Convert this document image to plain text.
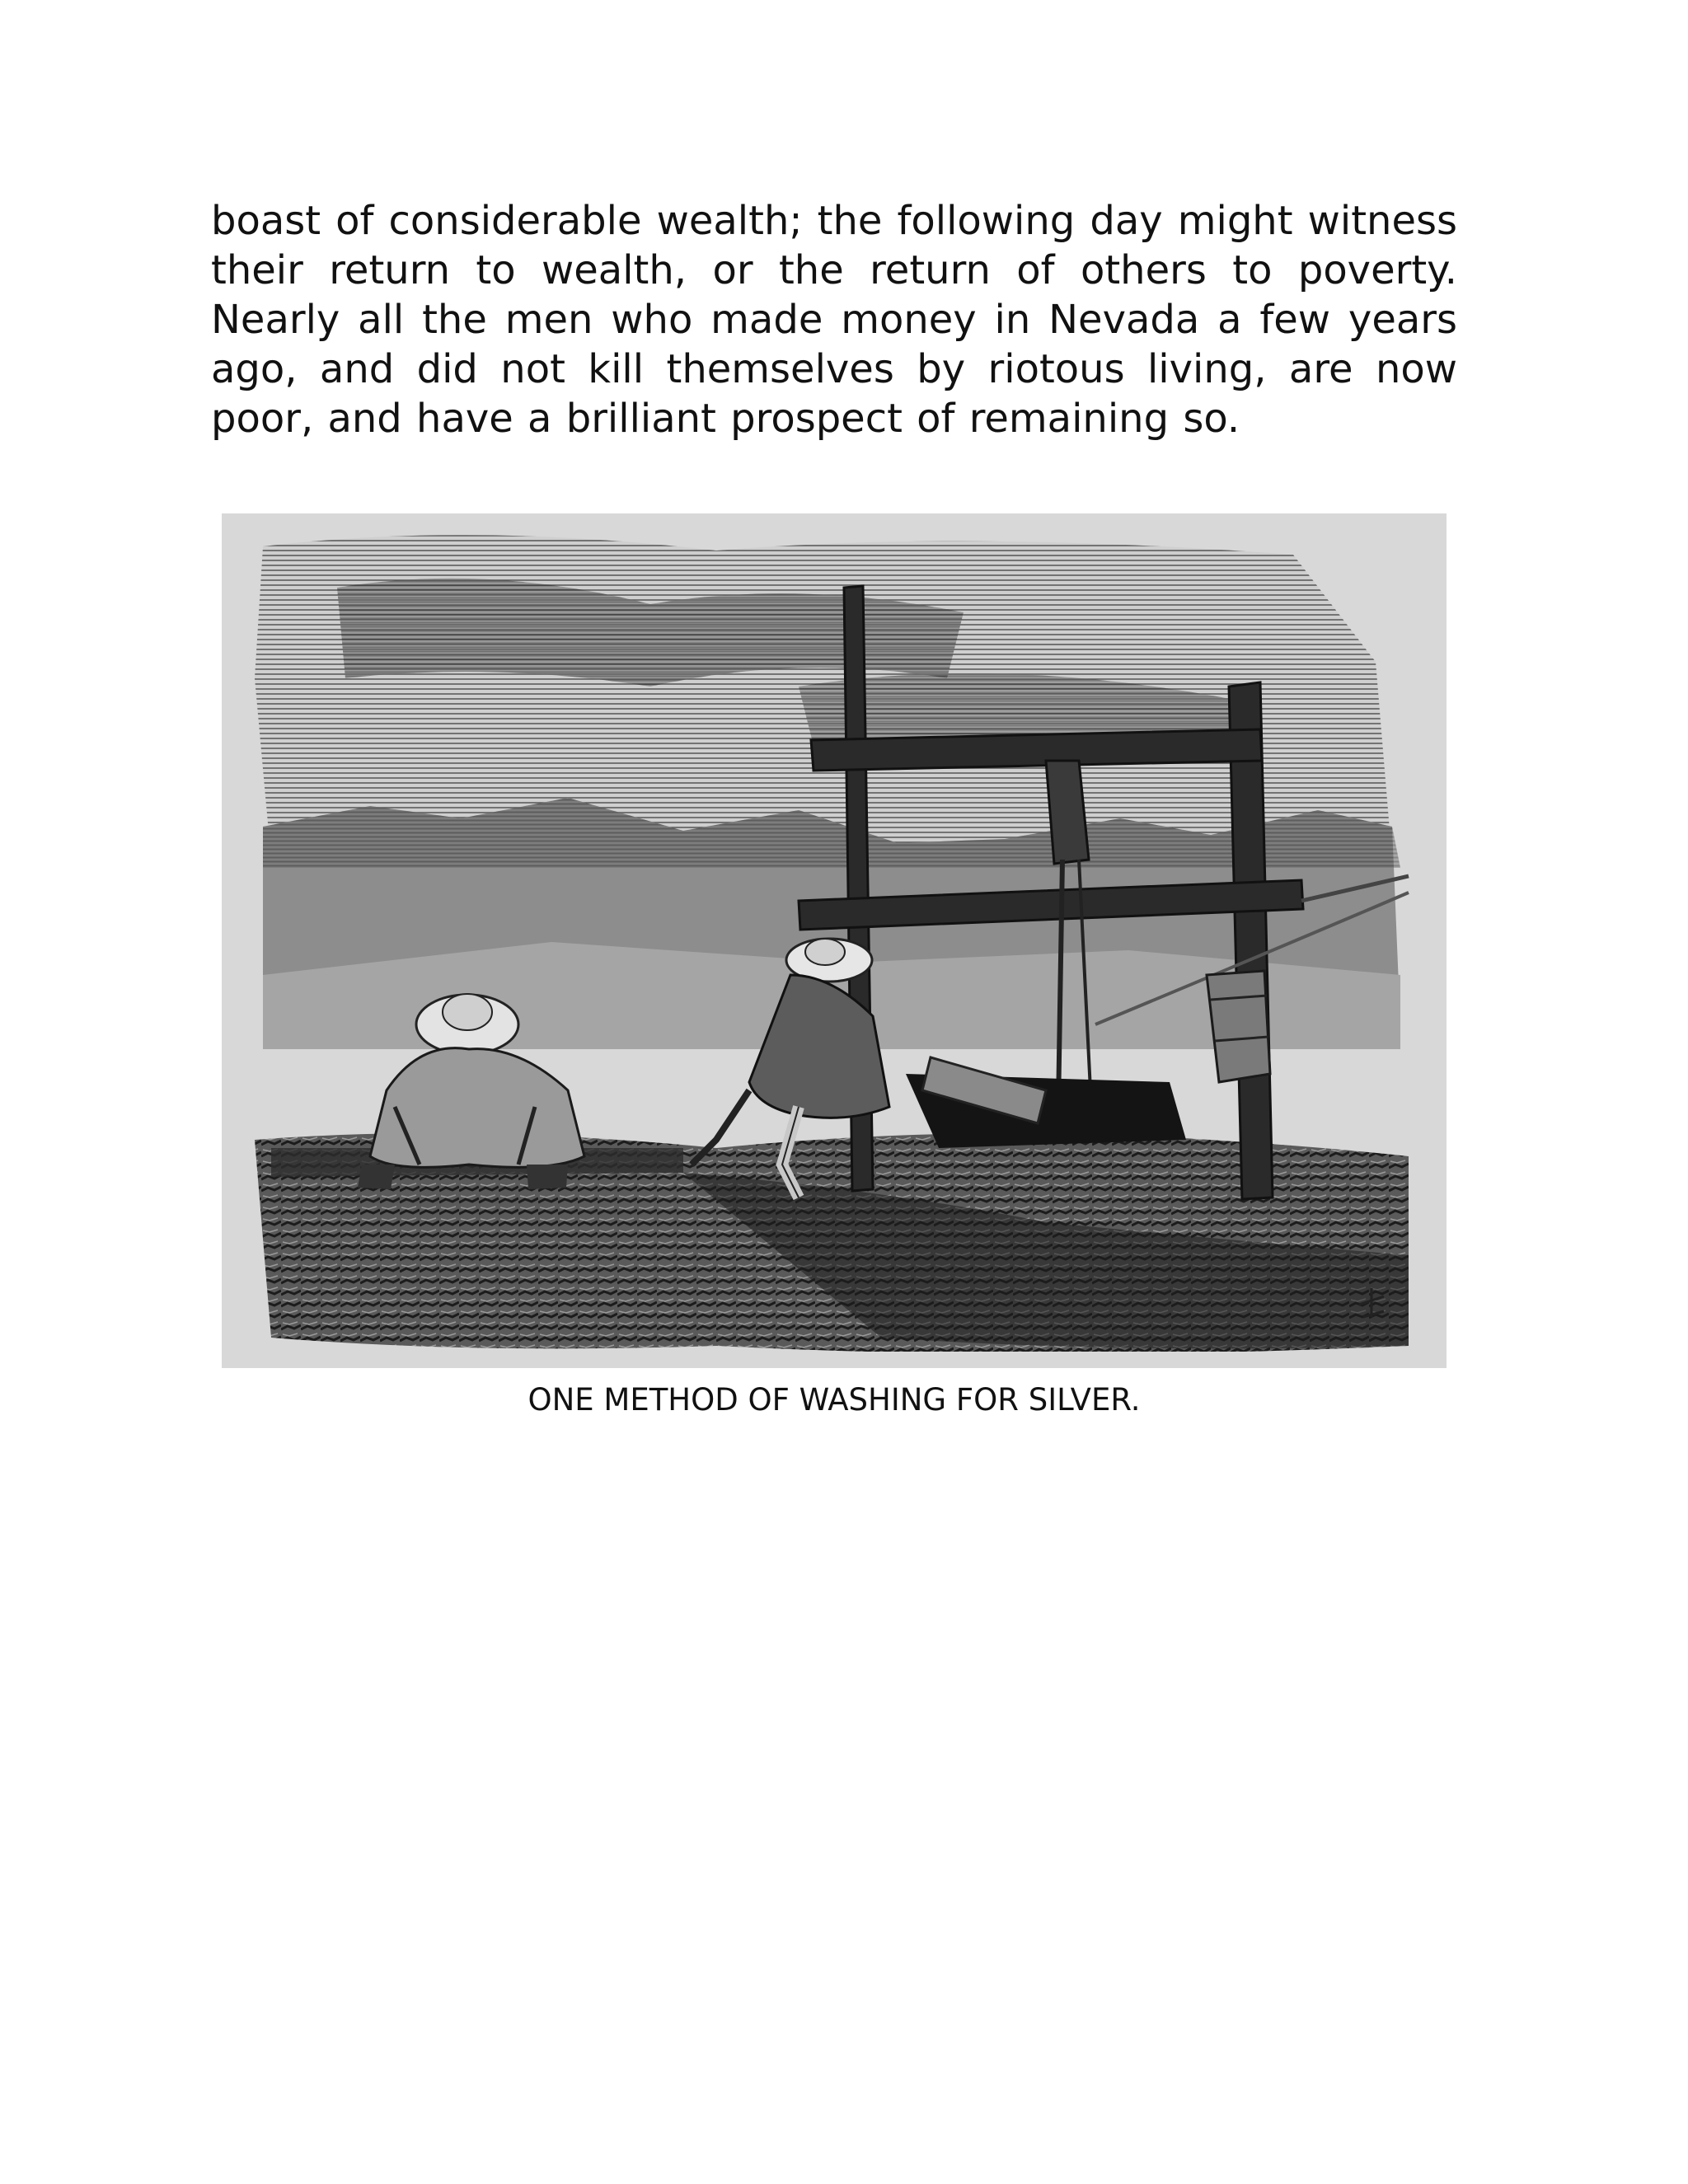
boast of considerable wealth; the following day might witness their return to wealth, or the return of others to poverty. Nearly all the men who made money in Nevada a few years ago, and did not kill themselves by riotous living, are now poor, and have a brilliant prospect of remaining so.

ONE METHOD OF WASHING FOR SILVER.
